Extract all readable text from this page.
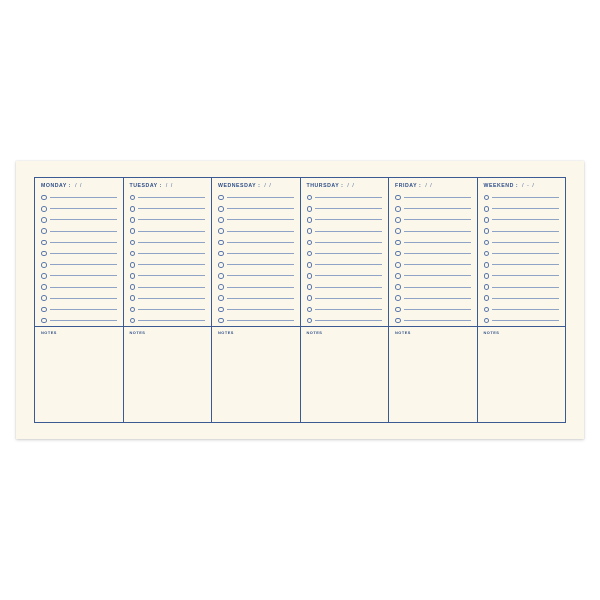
MONDAY : / /
NOTES
TUESDAY : / /
NOTES
WEDNESDAY : / /
NOTES
THURSDAY : / /
NOTES
FRIDAY : / /
NOTES
WEEKEND : / - /
NOTES
